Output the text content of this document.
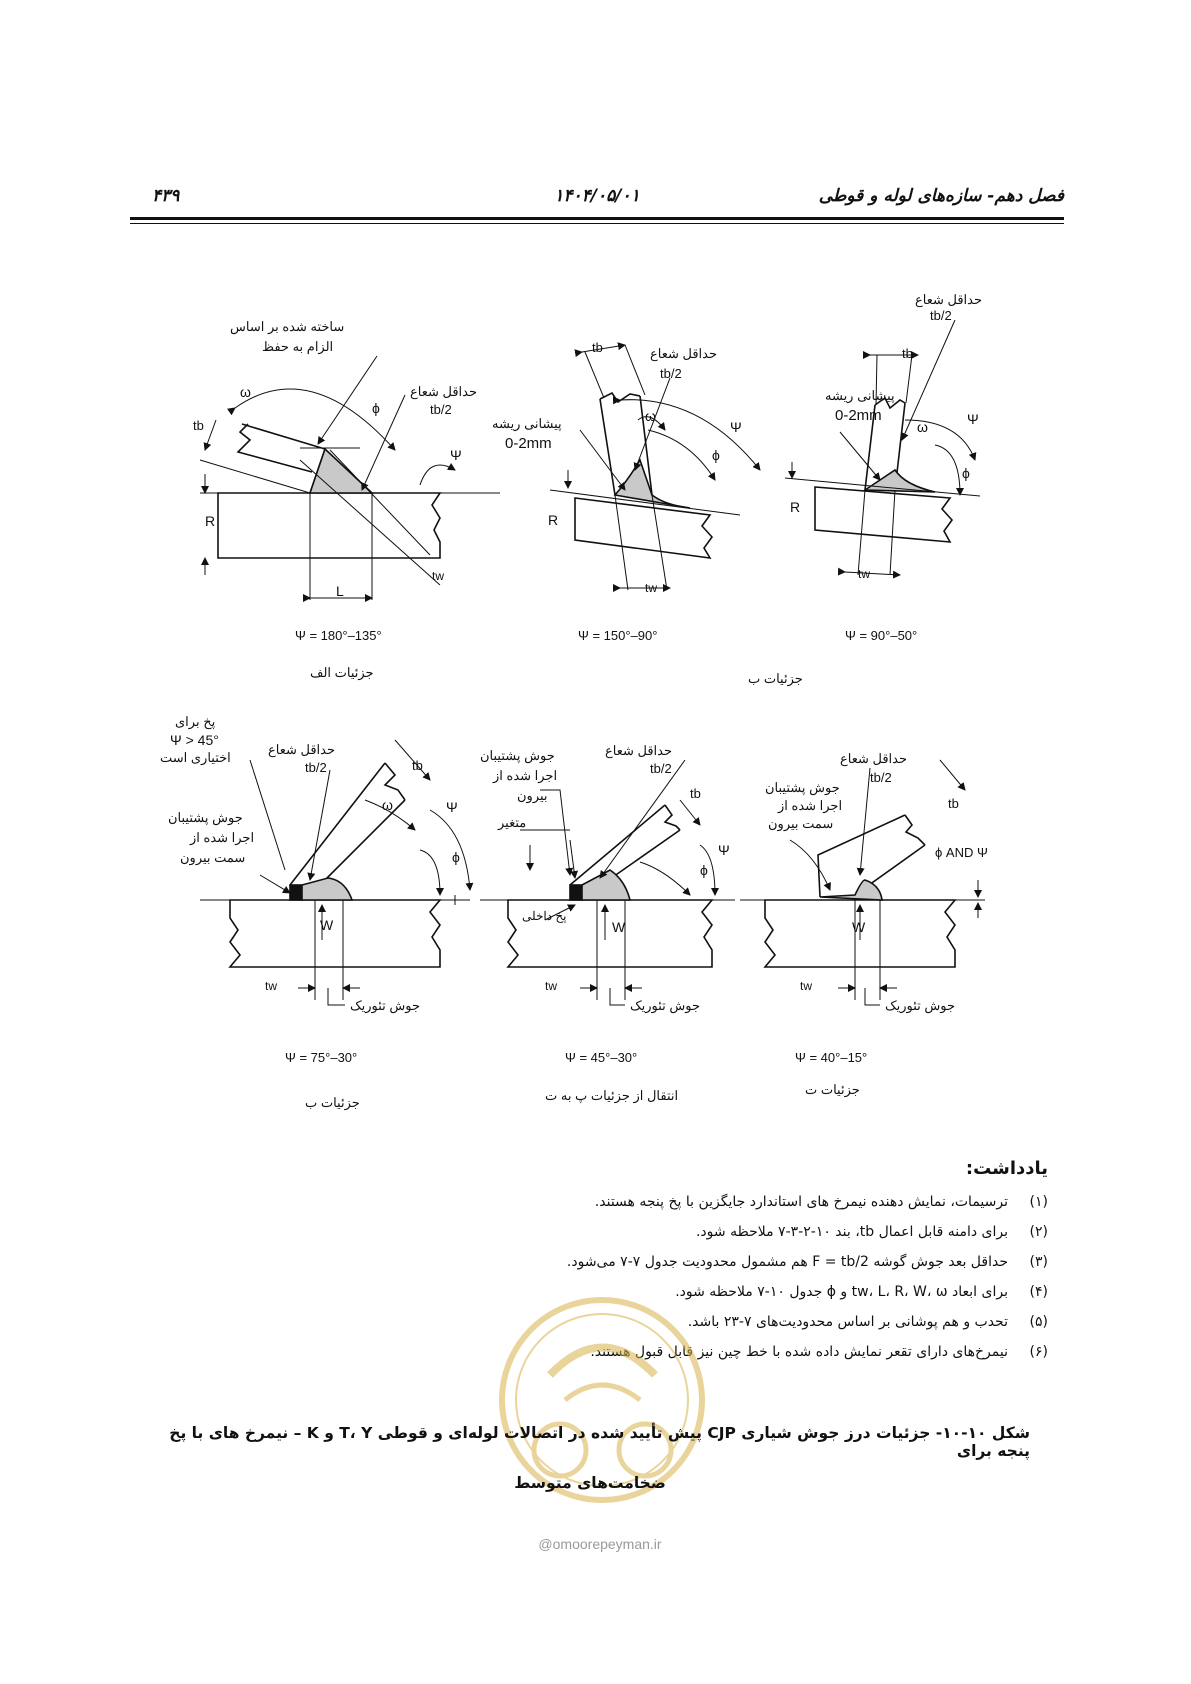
فصل دهم- سازه‌های لوله و قوطی
۱۴۰۴/۰۵/۰۱
۴۳۹
ساخته شده بر اساس
الزام به حفظ
حداقل شعاع
tb/2
ω
ϕ
Ψ
tb
R
L
tw
Ψ = 180°–135°
جزئیات الف
tb	حداقل شعاع
tb/2
پیشانی ریشه
0-2mm
ω
ϕ
Ψ
R
tw
Ψ = 150°–90°
جزئیات ب
حداقل شعاع
tb/2
tb
پیشانی ریشه
0-2mm
ω
ϕ
Ψ
R
tw
Ψ = 90°–50°
پخ برای
Ψ > 45°
اختیاری است
حداقل شعاع
tb/2
جوش پشتیبان
اجرا شده از
سمت بیرون
tb
ω	Ψ
ϕ
W
tw
جوش تئوریک
Ψ = 75°–30°
جزئیات ب
جوش پشتیبان
اجرا شده از
بیرون
حداقل شعاع
tb/2
متغیر
tb
ϕ
Ψ
پخ داخلی
W
tw
جوش تئوریک
Ψ = 45°–30°
انتقال از جزئیات پ به ت
حداقل شعاع
tb/2
جوش پشتیبان
اجرا شده از
سمت بیرون
tb
ϕ AND Ψ
W
tw
جوش تئوریک
Ψ = 40°–15°
جزئیات ت
یادداشت:
(۱)
ترسیمات، نمایش دهنده نیمرخ های استاندارد جایگزین با پخ پنجه هستند.
(۲)
برای دامنه قابل اعمال tb، بند ۱۰-۲-۳-۷ ملاحظه شود.
(۳)
حداقل بعد جوش گوشه F = tb/2 هم مشمول محدودیت جدول ۷-۷ می‌شود.
(۴)
برای ابعاد tw، L، R، W، ω و ϕ جدول ۱۰-۷ ملاحظه شود.
(۵)
تحدب و هم پوشانی بر اساس محدودیت‌های ۷-۲۳ باشد.
(۶)
نیمرخ‌های دارای تقعر نمایش داده شده با خط چین نیز قابل قبول هستند.
شکل ۱۰-۱۰- جزئیات درز جوش شیاری CJP پیش تأیید شده در اتصالات لوله‌ای و قوطی T، Y و K – نیمرخ های با پخ پنجه برای
ضخامت‌های متوسط
@omoorepeyman.ir
